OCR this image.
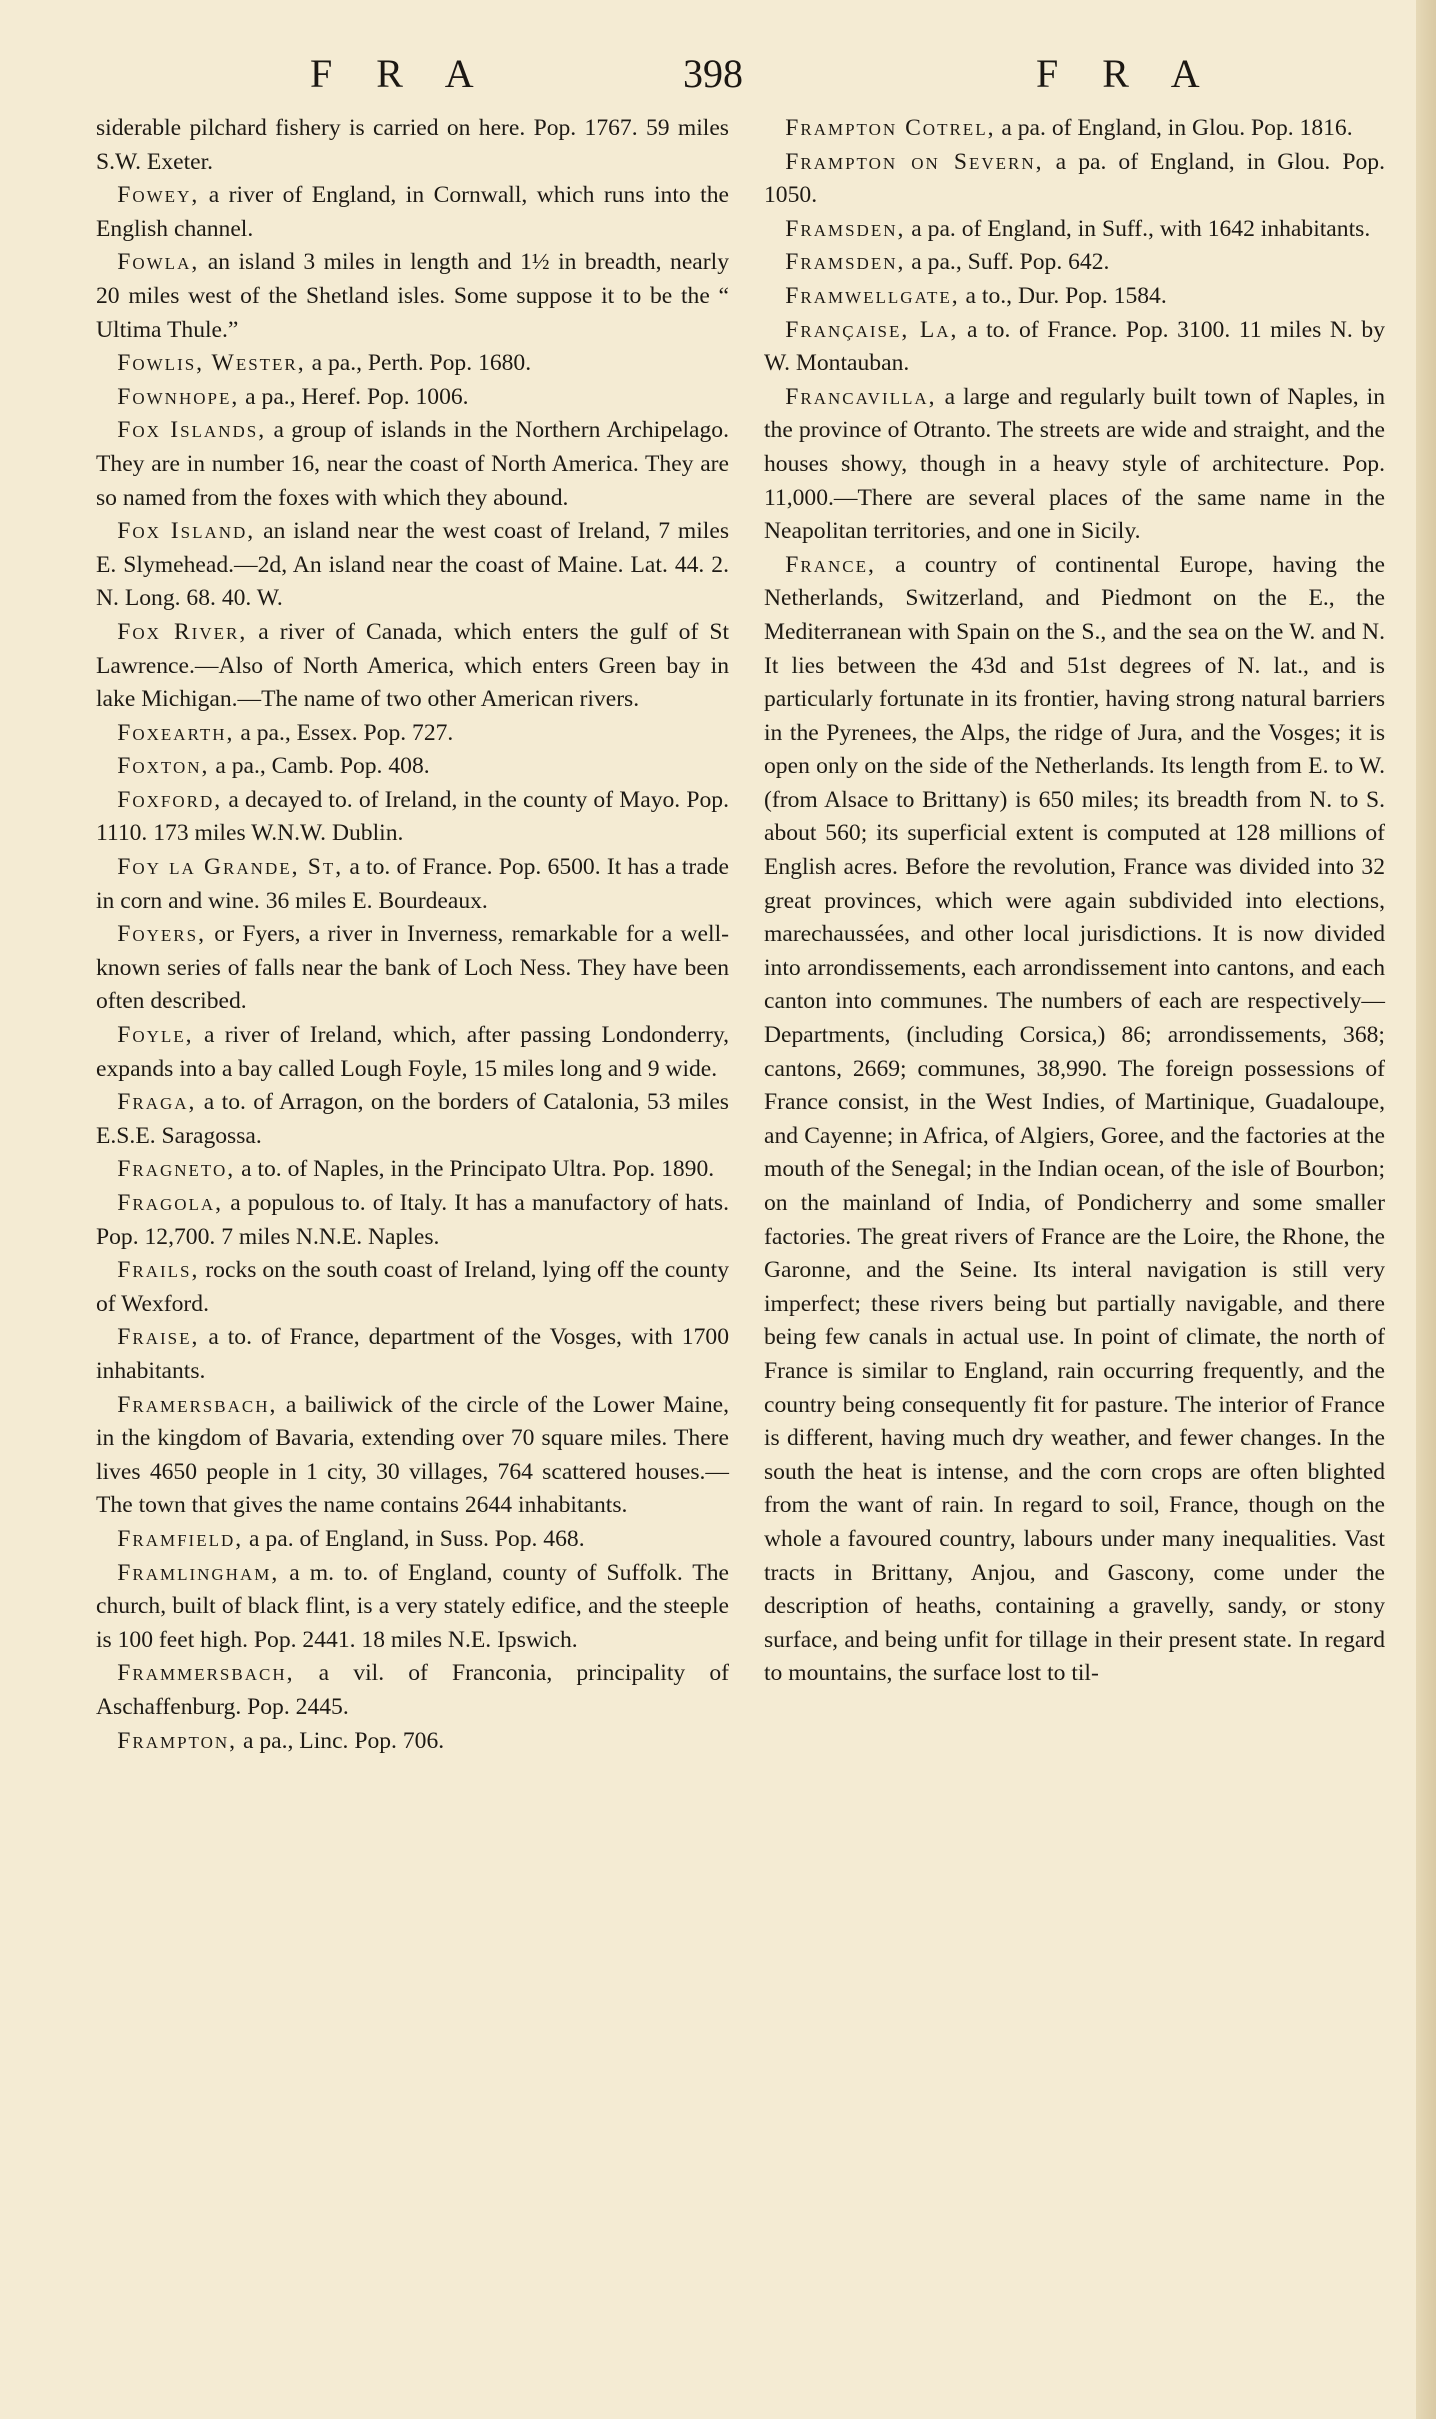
F R A	398	F R A

siderable pilchard fishery is carried on here. Pop. 1767. 59 miles S.W. Exeter.

Fowey, a river of England, in Cornwall, which runs into the English channel.

Fowla, an island 3 miles in length and 1½ in breadth, nearly 20 miles west of the Shetland isles. Some suppose it to be the “ Ultima Thule.”

Fowlis, Wester, a pa., Perth. Pop. 1680.

Fownhope, a pa., Heref. Pop. 1006.

Fox Islands, a group of islands in the Northern Archipelago. They are in number 16, near the coast of North America. They are so named from the foxes with which they abound.

Fox Island, an island near the west coast of Ireland, 7 miles E. Slymehead.—2d, An island near the coast of Maine. Lat. 44. 2. N. Long. 68. 40. W.

Fox River, a river of Canada, which enters the gulf of St Lawrence.—Also of North America, which enters Green bay in lake Michigan.—The name of two other American rivers.

Foxearth, a pa., Essex. Pop. 727.

Foxton, a pa., Camb. Pop. 408.

Foxford, a decayed to. of Ireland, in the county of Mayo. Pop. 1110. 173 miles W.N.W. Dublin.

Foy la Grande, St, a to. of France. Pop. 6500. It has a trade in corn and wine. 36 miles E. Bourdeaux.

Foyers, or Fyers, a river in Inverness, remarkable for a well-known series of falls near the bank of Loch Ness. They have been often described.

Foyle, a river of Ireland, which, after passing Londonderry, expands into a bay called Lough Foyle, 15 miles long and 9 wide.

Fraga, a to. of Arragon, on the borders of Catalonia, 53 miles E.S.E. Saragossa.

Fragneto, a to. of Naples, in the Principato Ultra. Pop. 1890.

Fragola, a populous to. of Italy. It has a manufactory of hats. Pop. 12,700. 7 miles N.N.E. Naples.

Frails, rocks on the south coast of Ireland, lying off the county of Wexford.

Fraise, a to. of France, department of the Vosges, with 1700 inhabitants.

Framersbach, a bailiwick of the circle of the Lower Maine, in the kingdom of Bavaria, extending over 70 square miles. There lives 4650 people in 1 city, 30 villages, 764 scattered houses.—The town that gives the name contains 2644 inhabitants.

Framfield, a pa. of England, in Suss. Pop. 468.

Framlingham, a m. to. of England, county of Suffolk. The church, built of black flint, is a very stately edifice, and the steeple is 100 feet high. Pop. 2441. 18 miles N.E. Ipswich.

Frammersbach, a vil. of Franconia, principality of Aschaffenburg. Pop. 2445.

Frampton, a pa., Linc. Pop. 706.

Frampton Cotrel, a pa. of England, in Glou. Pop. 1816.

Frampton on Severn, a pa. of England, in Glou. Pop. 1050.

Framsden, a pa. of England, in Suff., with 1642 inhabitants.

Framsden, a pa., Suff. Pop. 642.

Framwellgate, a to., Dur. Pop. 1584.

Française, La, a to. of France. Pop. 3100. 11 miles N. by W. Montauban.

Francavilla, a large and regularly built town of Naples, in the province of Otranto. The streets are wide and straight, and the houses showy, though in a heavy style of architecture. Pop. 11,000.—There are several places of the same name in the Neapolitan territories, and one in Sicily.

France, a country of continental Europe, having the Netherlands, Switzerland, and Piedmont on the E., the Mediterranean with Spain on the S., and the sea on the W. and N. It lies between the 43d and 51st degrees of N. lat., and is particularly fortunate in its frontier, having strong natural barriers in the Pyrenees, the Alps, the ridge of Jura, and the Vosges; it is open only on the side of the Netherlands. Its length from E. to W. (from Alsace to Brittany) is 650 miles; its breadth from N. to S. about 560; its superficial extent is computed at 128 millions of English acres. Before the revolution, France was divided into 32 great provinces, which were again subdivided into elections, marechaussées, and other local jurisdictions. It is now divided into arrondissements, each arrondissement into cantons, and each canton into communes. The numbers of each are respectively—Departments, (including Corsica,) 86; arrondissements, 368; cantons, 2669; communes, 38,990. The foreign possessions of France consist, in the West Indies, of Martinique, Guadaloupe, and Cayenne; in Africa, of Algiers, Goree, and the factories at the mouth of the Senegal; in the Indian ocean, of the isle of Bourbon; on the mainland of India, of Pondicherry and some smaller factories. The great rivers of France are the Loire, the Rhone, the Garonne, and the Seine. Its interal navigation is still very imperfect; these rivers being but partially navigable, and there being few canals in actual use. In point of climate, the north of France is similar to England, rain occurring frequently, and the country being consequently fit for pasture. The interior of France is different, having much dry weather, and fewer changes. In the south the heat is intense, and the corn crops are often blighted from the want of rain. In regard to soil, France, though on the whole a favoured country, labours under many inequalities. Vast tracts in Brittany, Anjou, and Gascony, come under the description of heaths, containing a gravelly, sandy, or stony surface, and being unfit for tillage in their present state. In regard to mountains, the surface lost to til-
